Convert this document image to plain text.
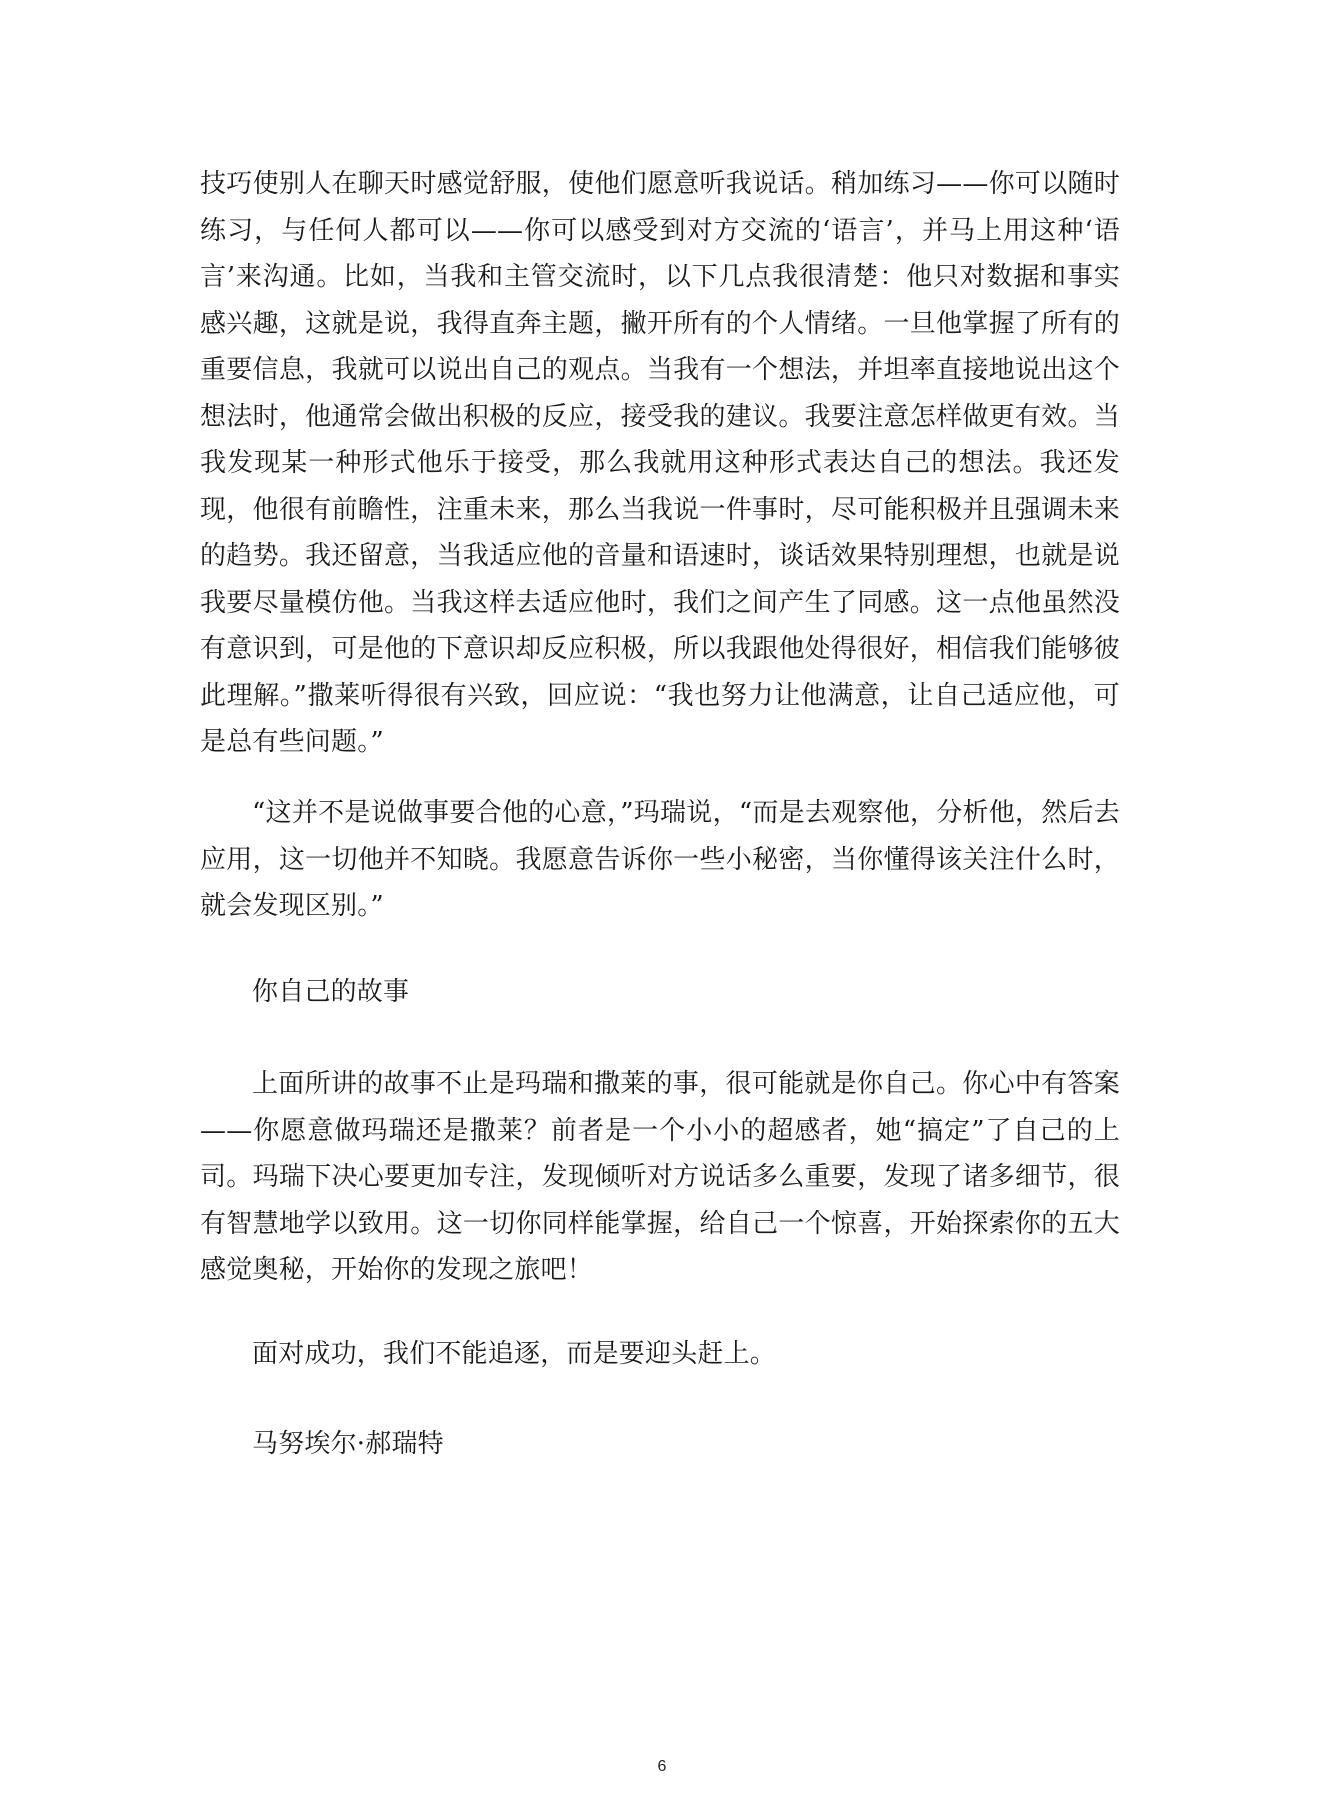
技巧使别人在聊天时感觉舒服，使他们愿意听我说话。稍加练习——你可以随时练习，与任何人都可以——你可以感受到对方交流的‘语言’，并马上用这种‘语言’来沟通。比如，当我和主管交流时，以下几点我很清楚：他只对数据和事实感兴趣，这就是说，我得直奔主题，撇开所有的个人情绪。一旦他掌握了所有的重要信息，我就可以说出自己的观点。当我有一个想法，并坦率直接地说出这个想法时，他通常会做出积极的反应，接受我的建议。我要注意怎样做更有效。当我发现某一种形式他乐于接受，那么我就用这种形式表达自己的想法。我还发现，他很有前瞻性，注重未来，那么当我说一件事时，尽可能积极并且强调未来的趋势。我还留意，当我适应他的音量和语速时，谈话效果特别理想，也就是说我要尽量模仿他。当我这样去适应他时，我们之间产生了同感。这一点他虽然没有意识到，可是他的下意识却反应积极，所以我跟他处得很好，相信我们能够彼此理解。”撒莱听得很有兴致，回应说：“我也努力让他满意，让自己适应他，可是总有些问题。”

“这并不是说做事要合他的心意，”玛瑞说，“而是去观察他，分析他，然后去应用，这一切他并不知晓。我愿意告诉你一些小秘密，当你懂得该关注什么时，就会发现区别。”

你自己的故事

上面所讲的故事不止是玛瑞和撒莱的事，很可能就是你自己。你心中有答案——你愿意做玛瑞还是撒莱？前者是一个小小的超感者，她“搞定”了自己的上司。玛瑞下决心要更加专注，发现倾听对方说话多么重要，发现了诸多细节，很有智慧地学以致用。这一切你同样能掌握，给自己一个惊喜，开始探索你的五大感觉奥秘，开始你的发现之旅吧！

面对成功，我们不能追逐，而是要迎头赶上。

马努埃尔·郝瑞特

6
